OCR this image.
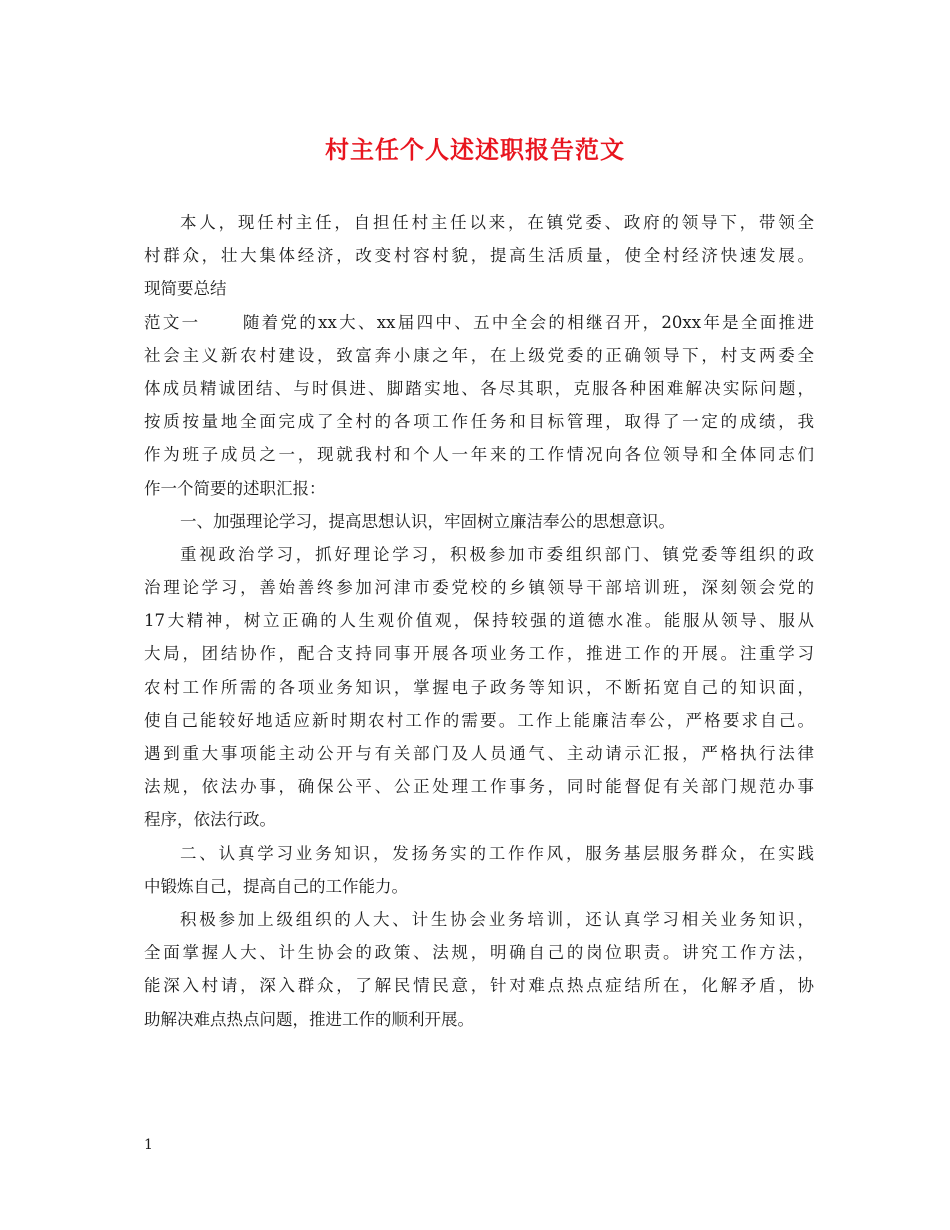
村主任个人述述职报告范文
本人，现任村主任，自担任村主任以来，在镇党委、政府的领导下，带领全
村群众，壮大集体经济，改变村容村貌，提高生活质量，使全村经济快速发展。
现简要总结
范文一 随着党的xx大、xx届四中、五中全会的相继召开，20xx年是全面推进
社会主义新农村建设，致富奔小康之年，在上级党委的正确领导下，村支两委全
体成员精诚团结、与时俱进、脚踏实地、各尽其职，克服各种困难解决实际问题，
按质按量地全面完成了全村的各项工作任务和目标管理，取得了一定的成绩，我
作为班子成员之一，现就我村和个人一年来的工作情况向各位领导和全体同志们
作一个简要的述职汇报：
一、加强理论学习，提高思想认识，牢固树立廉洁奉公的思想意识。
重视政治学习，抓好理论学习，积极参加市委组织部门、镇党委等组织的政
治理论学习，善始善终参加河津市委党校的乡镇领导干部培训班，深刻领会党的
17大精神，树立正确的人生观价值观，保持较强的道德水准。能服从领导、服从
大局，团结协作，配合支持同事开展各项业务工作，推进工作的开展。注重学习
农村工作所需的各项业务知识，掌握电子政务等知识，不断拓宽自己的知识面，
使自己能较好地适应新时期农村工作的需要。工作上能廉洁奉公，严格要求自己。
遇到重大事项能主动公开与有关部门及人员通气、主动请示汇报，严格执行法律
法规，依法办事，确保公平、公正处理工作事务，同时能督促有关部门规范办事
程序，依法行政。
二、认真学习业务知识，发扬务实的工作作风，服务基层服务群众，在实践
中锻炼自己，提高自己的工作能力。
积极参加上级组织的人大、计生协会业务培训，还认真学习相关业务知识，
全面掌握人大、计生协会的政策、法规，明确自己的岗位职责。讲究工作方法，
能深入村请，深入群众，了解民情民意，针对难点热点症结所在，化解矛盾，协
助解决难点热点问题，推进工作的顺利开展。
1
